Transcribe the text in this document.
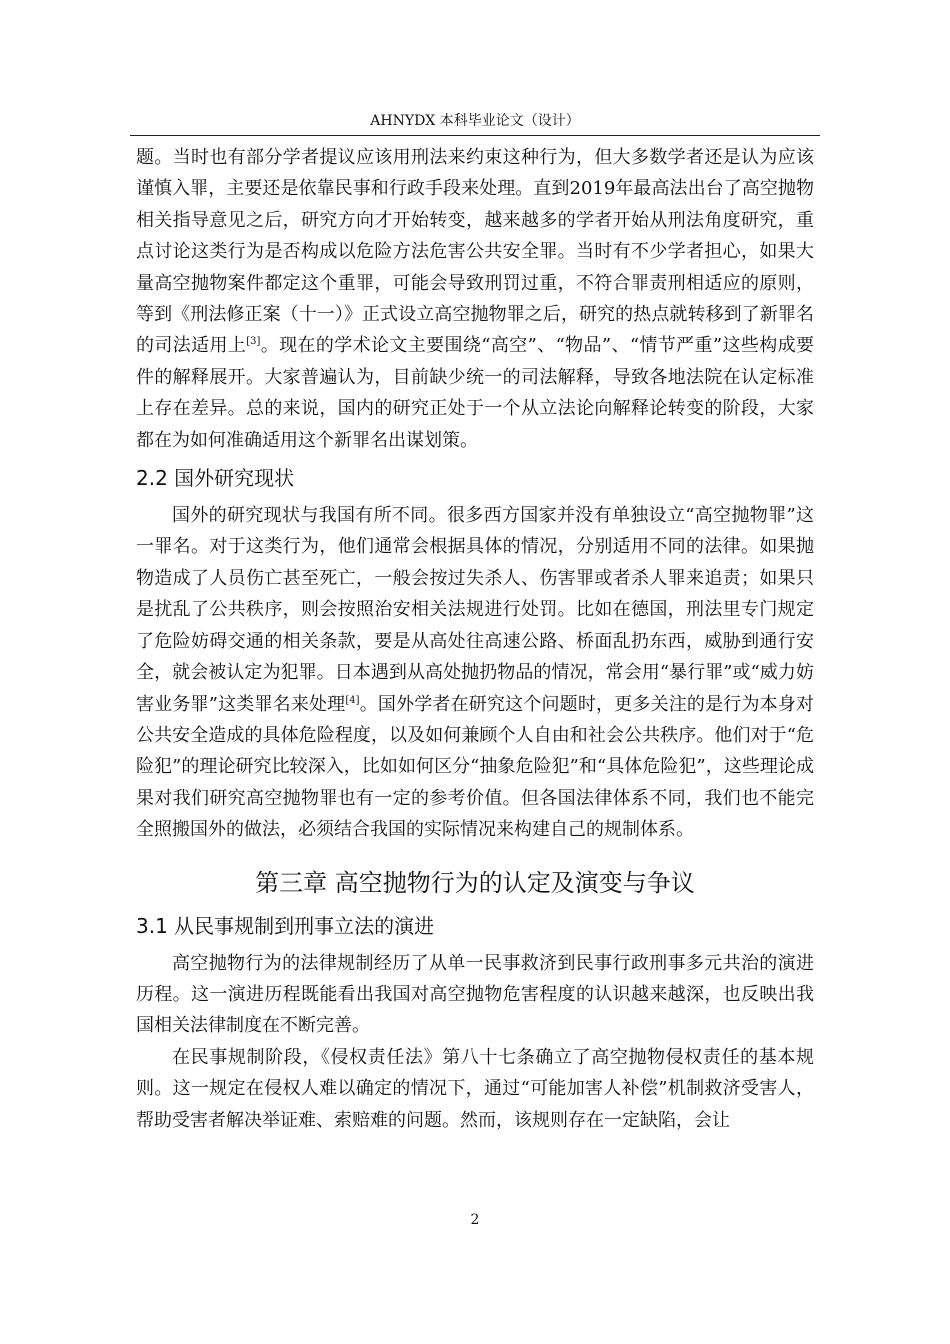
AHNYDX 本科毕业论文（设计）

题。当时也有部分学者提议应该用刑法来约束这种行为，但大多数学者还是认为应该谨慎入罪，主要还是依靠民事和行政手段来处理。直到2019年最高法出台了高空抛物相关指导意见之后，研究方向才开始转变，越来越多的学者开始从刑法角度研究，重点讨论这类行为是否构成以危险方法危害公共安全罪。当时有不少学者担心，如果大量高空抛物案件都定这个重罪，可能会导致刑罚过重，不符合罪责刑相适应的原则，等到《刑法修正案（十一）》正式设立高空抛物罪之后，研究的热点就转移到了新罪名的司法适用上[3]。现在的学术论文主要围绕“高空”、“物品”、“情节严重”这些构成要件的解释展开。大家普遍认为，目前缺少统一的司法解释，导致各地法院在认定标准上存在差异。总的来说，国内的研究正处于一个从立法论向解释论转变的阶段，大家都在为如何准确适用这个新罪名出谋划策。

2.2 国外研究现状

国外的研究现状与我国有所不同。很多西方国家并没有单独设立“高空抛物罪”这一罪名。对于这类行为，他们通常会根据具体的情况，分别适用不同的法律。如果抛物造成了人员伤亡甚至死亡，一般会按过失杀人、伤害罪或者杀人罪来追责；如果只是扰乱了公共秩序，则会按照治安相关法规进行处罚。比如在德国，刑法里专门规定了危险妨碍交通的相关条款，要是从高处往高速公路、桥面乱扔东西，威胁到通行安全，就会被认定为犯罪。日本遇到从高处抛扔物品的情况，常会用“暴行罪”或“威力妨害业务罪”这类罪名来处理[4]。国外学者在研究这个问题时，更多关注的是行为本身对公共安全造成的具体危险程度，以及如何兼顾个人自由和社会公共秩序。他们对于“危险犯”的理论研究比较深入，比如如何区分“抽象危险犯”和“具体危险犯”，这些理论成果对我们研究高空抛物罪也有一定的参考价值。但各国法律体系不同，我们也不能完全照搬国外的做法，必须结合我国的实际情况来构建自己的规制体系。

第三章 高空抛物行为的认定及演变与争议
3.1 从民事规制到刑事立法的演进

高空抛物行为的法律规制经历了从单一民事救济到民事行政刑事多元共治的演进历程。这一演进历程既能看出我国对高空抛物危害程度的认识越来越深，也反映出我国相关法律制度在不断完善。

在民事规制阶段，《侵权责任法》第八十七条确立了高空抛物侵权责任的基本规则。这一规定在侵权人难以确定的情况下，通过“可能加害人补偿”机制救济受害人，帮助受害者解决举证难、索赔难的问题。然而，该规则存在一定缺陷，会让

2
